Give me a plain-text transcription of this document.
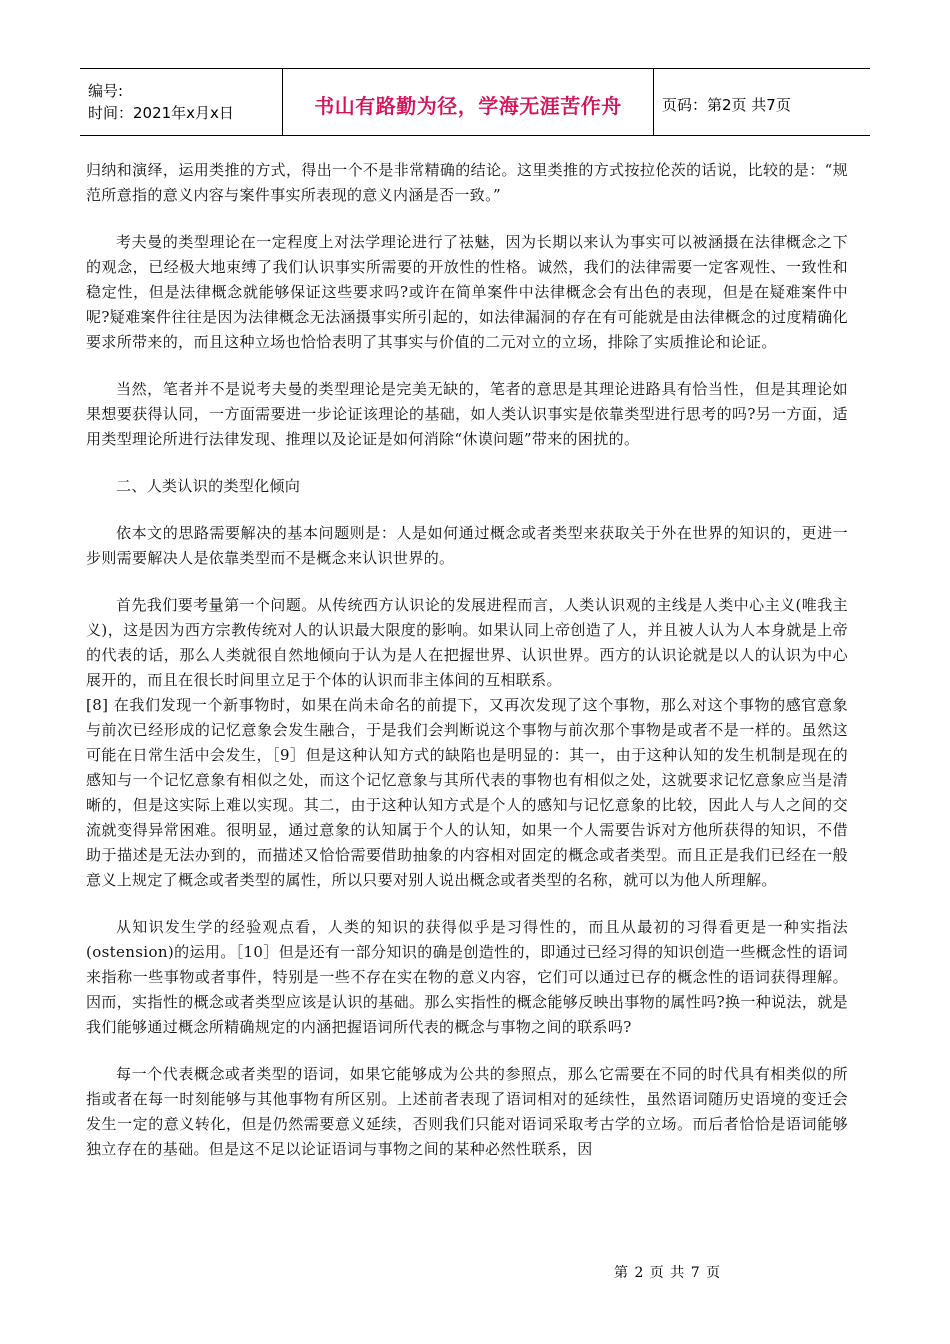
编号:
时间：2021年x月x日	书山有路勤为径，学海无涯苦作舟	页码：第2页 共7页

归纳和演绎，运用类推的方式，得出一个不是非常精确的结论。这里类推的方式按拉伦茨的话说，比较的是：“规范所意指的意义内容与案件事实所表现的意义内涵是否一致。”

考夫曼的类型理论在一定程度上对法学理论进行了祛魅，因为长期以来认为事实可以被涵摄在法律概念之下的观念，已经极大地束缚了我们认识事实所需要的开放性的性格。诚然，我们的法律需要一定客观性、一致性和稳定性，但是法律概念就能够保证这些要求吗?或许在简单案件中法律概念会有出色的表现，但是在疑难案件中呢?疑难案件往往是因为法律概念无法涵摄事实所引起的，如法律漏洞的存在有可能就是由法律概念的过度精确化要求所带来的，而且这种立场也恰恰表明了其事实与价值的二元对立的立场，排除了实质推论和论证。

当然，笔者并不是说考夫曼的类型理论是完美无缺的，笔者的意思是其理论进路具有恰当性，但是其理论如果想要获得认同，一方面需要进一步论证该理论的基础，如人类认识事实是依靠类型进行思考的吗?另一方面，适用类型理论所进行法律发现、推理以及论证是如何消除“休谟问题”带来的困扰的。

二、人类认识的类型化倾向

依本文的思路需要解决的基本问题则是：人是如何通过概念或者类型来获取关于外在世界的知识的，更进一步则需要解决人是依靠类型而不是概念来认识世界的。

首先我们要考量第一个问题。从传统西方认识论的发展进程而言，人类认识观的主线是人类中心主义(唯我主义)，这是因为西方宗教传统对人的认识最大限度的影响。如果认同上帝创造了人，并且被人认为人本身就是上帝的代表的话，那么人类就很自然地倾向于认为是人在把握世界、认识世界。西方的认识论就是以人的认识为中心展开的，而且在很长时间里立足于个体的认识而非主体间的互相联系。

[8] 在我们发现一个新事物时，如果在尚未命名的前提下，又再次发现了这个事物，那么对这个事物的感官意象与前次已经形成的记忆意象会发生融合，于是我们会判断说这个事物与前次那个事物是或者不是一样的。虽然这可能在日常生活中会发生，［9］但是这种认知方式的缺陷也是明显的：其一，由于这种认知的发生机制是现在的感知与一个记忆意象有相似之处，而这个记忆意象与其所代表的事物也有相似之处，这就要求记忆意象应当是清晰的，但是这实际上难以实现。其二，由于这种认知方式是个人的感知与记忆意象的比较，因此人与人之间的交流就变得异常困难。很明显，通过意象的认知属于个人的认知，如果一个人需要告诉对方他所获得的知识，不借助于描述是无法办到的，而描述又恰恰需要借助抽象的内容相对固定的概念或者类型。而且正是我们已经在一般意义上规定了概念或者类型的属性，所以只要对别人说出概念或者类型的名称，就可以为他人所理解。

从知识发生学的经验观点看，人类的知识的获得似乎是习得性的，而且从最初的习得看更是一种实指法(ostension)的运用。［10］但是还有一部分知识的确是创造性的，即通过已经习得的知识创造一些概念性的语词来指称一些事物或者事件，特别是一些不存在实在物的意义内容，它们可以通过已存的概念性的语词获得理解。因而，实指性的概念或者类型应该是认识的基础。那么实指性的概念能够反映出事物的属性吗?换一种说法，就是我们能够通过概念所精确规定的内涵把握语词所代表的概念与事物之间的联系吗?

每一个代表概念或者类型的语词，如果它能够成为公共的参照点，那么它需要在不同的时代具有相类似的所指或者在每一时刻能够与其他事物有所区别。上述前者表现了语词相对的延续性，虽然语词随历史语境的变迁会发生一定的意义转化，但是仍然需要意义延续，否则我们只能对语词采取考古学的立场。而后者恰恰是语词能够独立存在的基础。但是这不足以论证语词与事物之间的某种必然性联系，因

第 2 页 共 7 页
